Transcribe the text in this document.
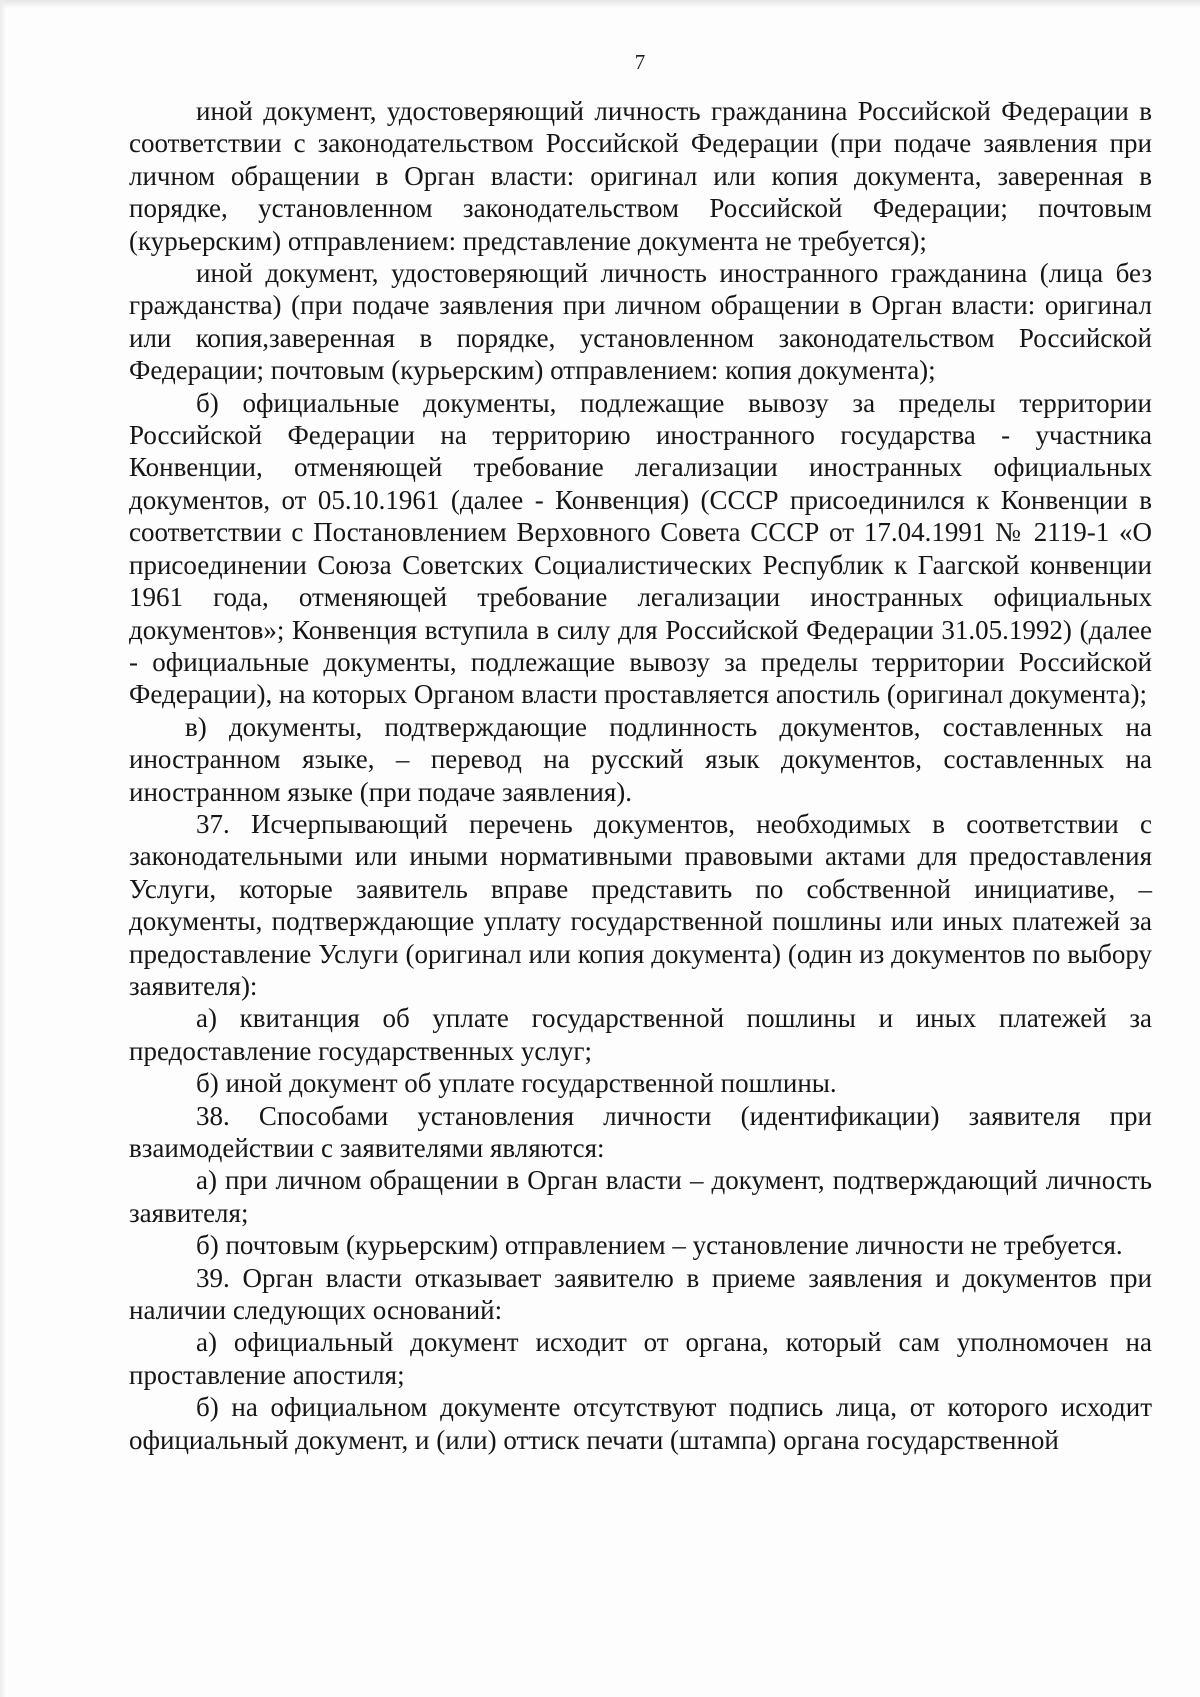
7

иной документ, удостоверяющий личность гражданина Российской Федерации в соответствии с законодательством Российской Федерации (при подаче заявления при личном обращении в Орган власти: оригинал или копия документа, заверенная в порядке, установленном законодательством Российской Федерации; почтовым (курьерским) отправлением: представление документа не требуется);

иной документ, удостоверяющий личность иностранного гражданина (лица без гражданства) (при подаче заявления при личном обращении в Орган власти: оригинал или копия,заверенная в порядке, установленном законодательством Российской Федерации; почтовым (курьерским) отправлением: копия документа);

б) официальные документы, подлежащие вывозу за пределы территории Российской Федерации на территорию иностранного государства - участника Конвенции, отменяющей требование легализации иностранных официальных документов, от 05.10.1961 (далее - Конвенция) (СССР присоединился к Конвенции в соответствии с Постановлением Верховного Совета СССР от 17.04.1991 № 2119-1 «О присоединении Союза Советских Социалистических Республик к Гаагской конвенции 1961 года, отменяющей требование легализации иностранных официальных документов»; Конвенция вступила в силу для Российской Федерации 31.05.1992) (далее - официальные документы, подлежащие вывозу за пределы территории Российской Федерации), на которых Органом власти проставляется апостиль (оригинал документа);

в) документы, подтверждающие подлинность документов, составленных на иностранном языке, – перевод на русский язык документов, составленных на иностранном языке (при подаче заявления).

37. Исчерпывающий перечень документов, необходимых в соответствии с законодательными или иными нормативными правовыми актами для предоставления Услуги, которые заявитель вправе представить по собственной инициативе, – документы, подтверждающие уплату государственной пошлины или иных платежей за предоставление Услуги (оригинал или копия документа) (один из документов по выбору заявителя):

а) квитанция об уплате государственной пошлины и иных платежей за предоставление государственных услуг;

б) иной документ об уплате государственной пошлины.

38. Способами установления личности (идентификации) заявителя при взаимодействии с заявителями являются:

а) при личном обращении в Орган власти – документ, подтверждающий личность заявителя;

б) почтовым (курьерским) отправлением – установление личности не требуется.

39. Орган власти отказывает заявителю в приеме заявления и документов при наличии следующих оснований:

а) официальный документ исходит от органа, который сам уполномочен на проставление апостиля;

б) на официальном документе отсутствуют подпись лица, от которого исходит официальный документ, и (или) оттиск печати (штампа) органа государственной
